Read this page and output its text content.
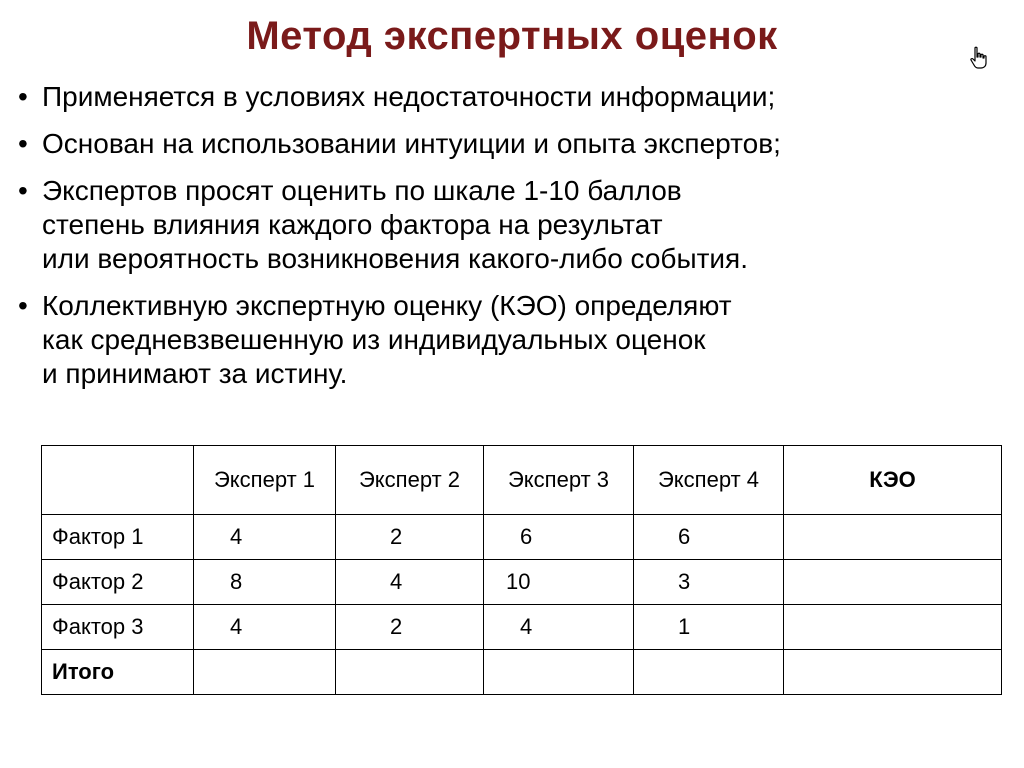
Метод экспертных оценок
• Применяется в условиях недостаточности информации;
• Основан на использовании интуиции и опыта экспертов;
• Экспертов просят оценить по шкале 1-10 баллов
степень влияния каждого фактора на результат
или вероятность возникновения какого-либо события.
• Коллективную экспертную оценку (КЭО) определяют
как средневзвешенную из индивидуальных оценок
и принимают за истину.
	Эксперт 1	Эксперт 2	Эксперт 3	Эксперт 4	КЭО
Фактор 1	4	2	6	6	
Фактор 2	8	4	10	3	
Фактор 3	4	2	4	1	
Итого					
